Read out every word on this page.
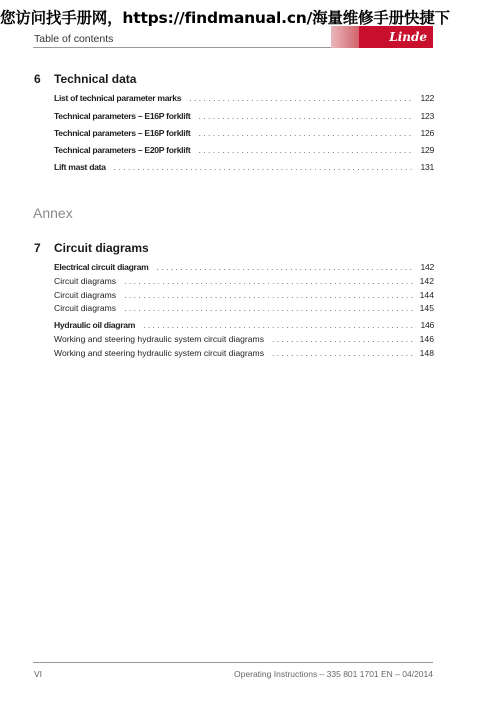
您访问找手册网，https://findmanual.cn/海量维修手册快捷下
Table of contents	Linde
6 Technical data
List of technical parameter marks . . .	122
Technical parameters – E16P forklift . . .	123
Technical parameters – E16P forklift . . .	126
Technical parameters – E20P forklift . . .	129
Lift mast data . . .	131
Annex
7 Circuit diagrams
Electrical circuit diagram . . .	142
Circuit diagrams . . .	142
Circuit diagrams . . .	144
Circuit diagrams . . .	145
Hydraulic oil diagram . . .	146
Working and steering hydraulic system circuit diagrams . . .	146
Working and steering hydraulic system circuit diagrams . . .	148
VI	Operating Instructions – 335 801 1701 EN – 04/2014
